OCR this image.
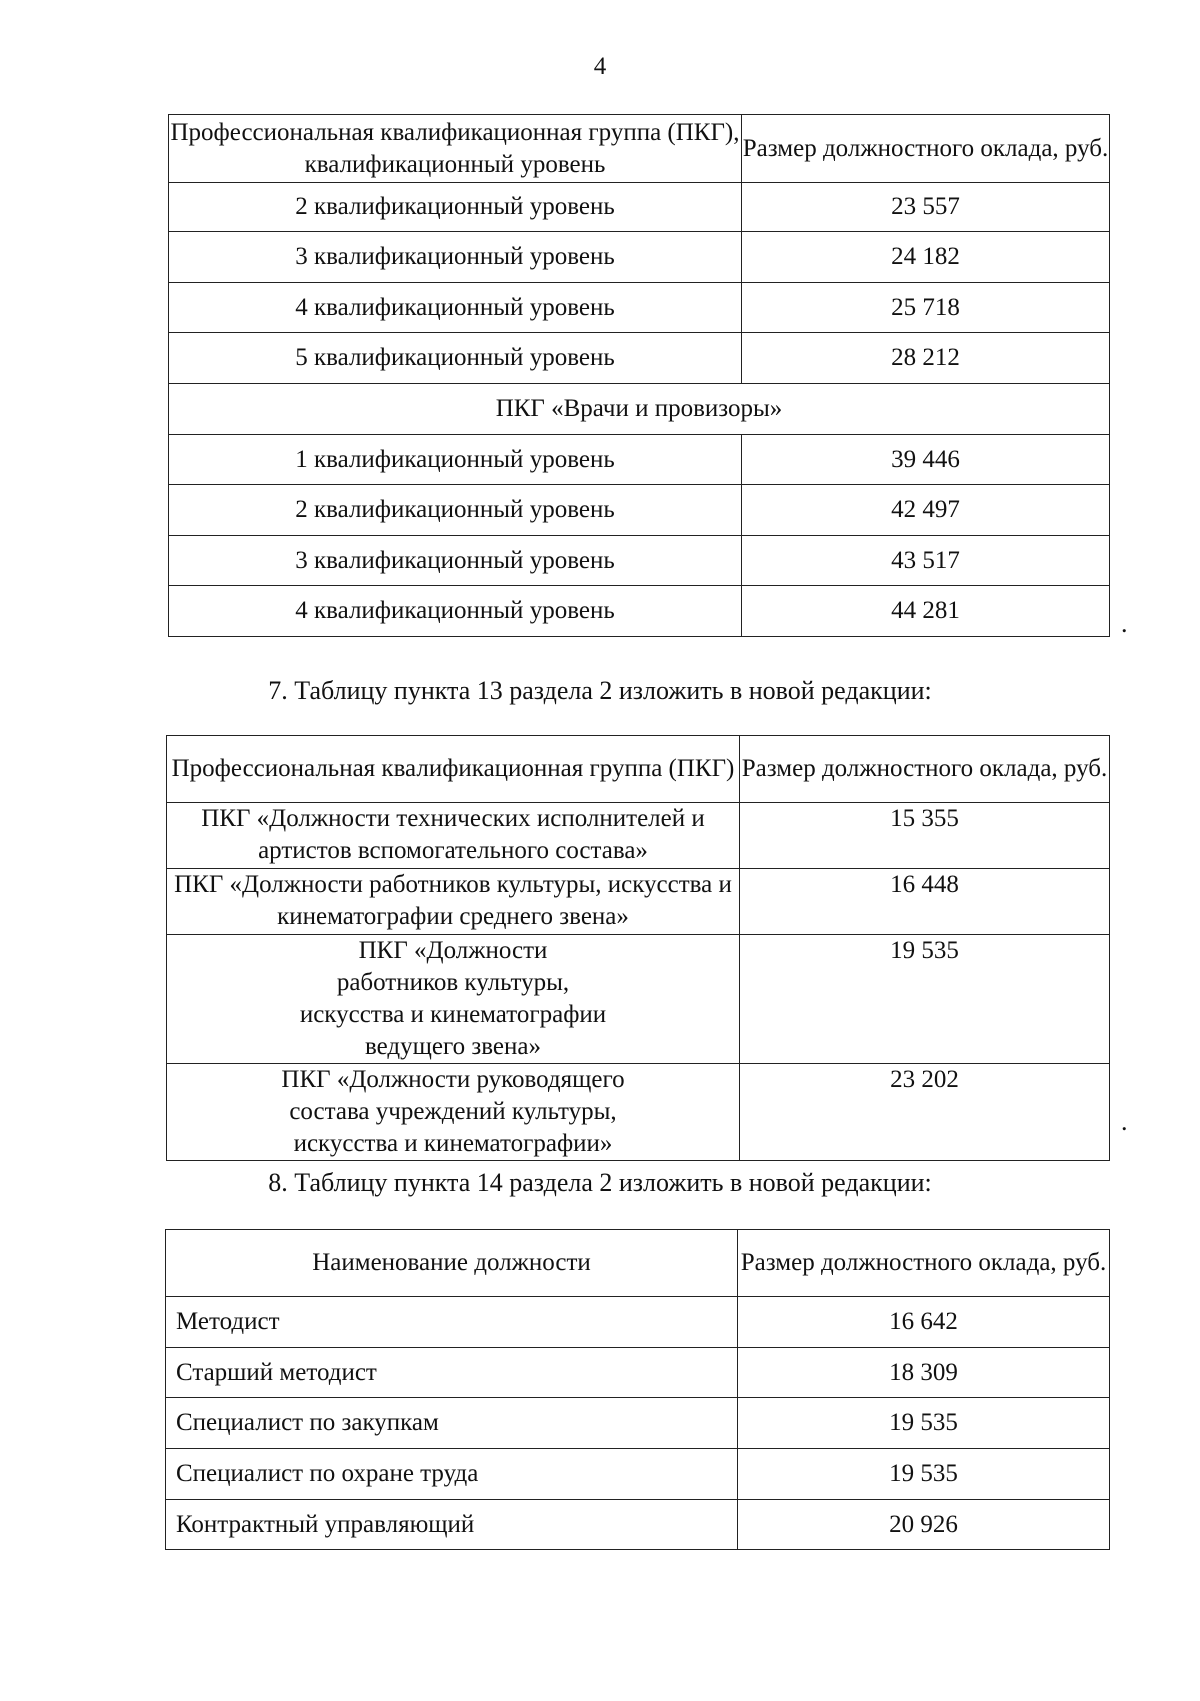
4
Профессиональная квалификационная группа (ПКГ), квалификационный уровень	Размер должностного оклада, руб.
2 квалификационный уровень	23 557
3 квалификационный уровень	24 182
4 квалификационный уровень	25 718
5 квалификационный уровень	28 212
ПКГ «Врачи и провизоры»	
1 квалификационный уровень	39 446
2 квалификационный уровень	42 497
3 квалификационный уровень	43 517
4 квалификационный уровень	44 281	.
7. Таблицу пункта 13 раздела 2 изложить в новой редакции:
Профессиональная квалификационная группа (ПКГ)	Размер должностного оклада, руб.
ПКГ «Должности технических исполнителей и артистов вспомогательного состава»	15 355
ПКГ «Должности работников культуры, искусства и кинематографии среднего звена»	16 448
ПКГ «Должности работников культуры, искусства и кинематографии ведущего звена»	19 535
ПКГ «Должности руководящего состава учреждений культуры, искусства и кинематографии»	23 202
.
8. Таблицу пункта 14 раздела 2 изложить в новой редакции:
Наименование должности	Размер должностного оклада, руб.
Методист	16 642
Старший методист	18 309
Специалист по закупкам	19 535
Специалист по охране труда	19 535
Контрактный управляющий	20 926
